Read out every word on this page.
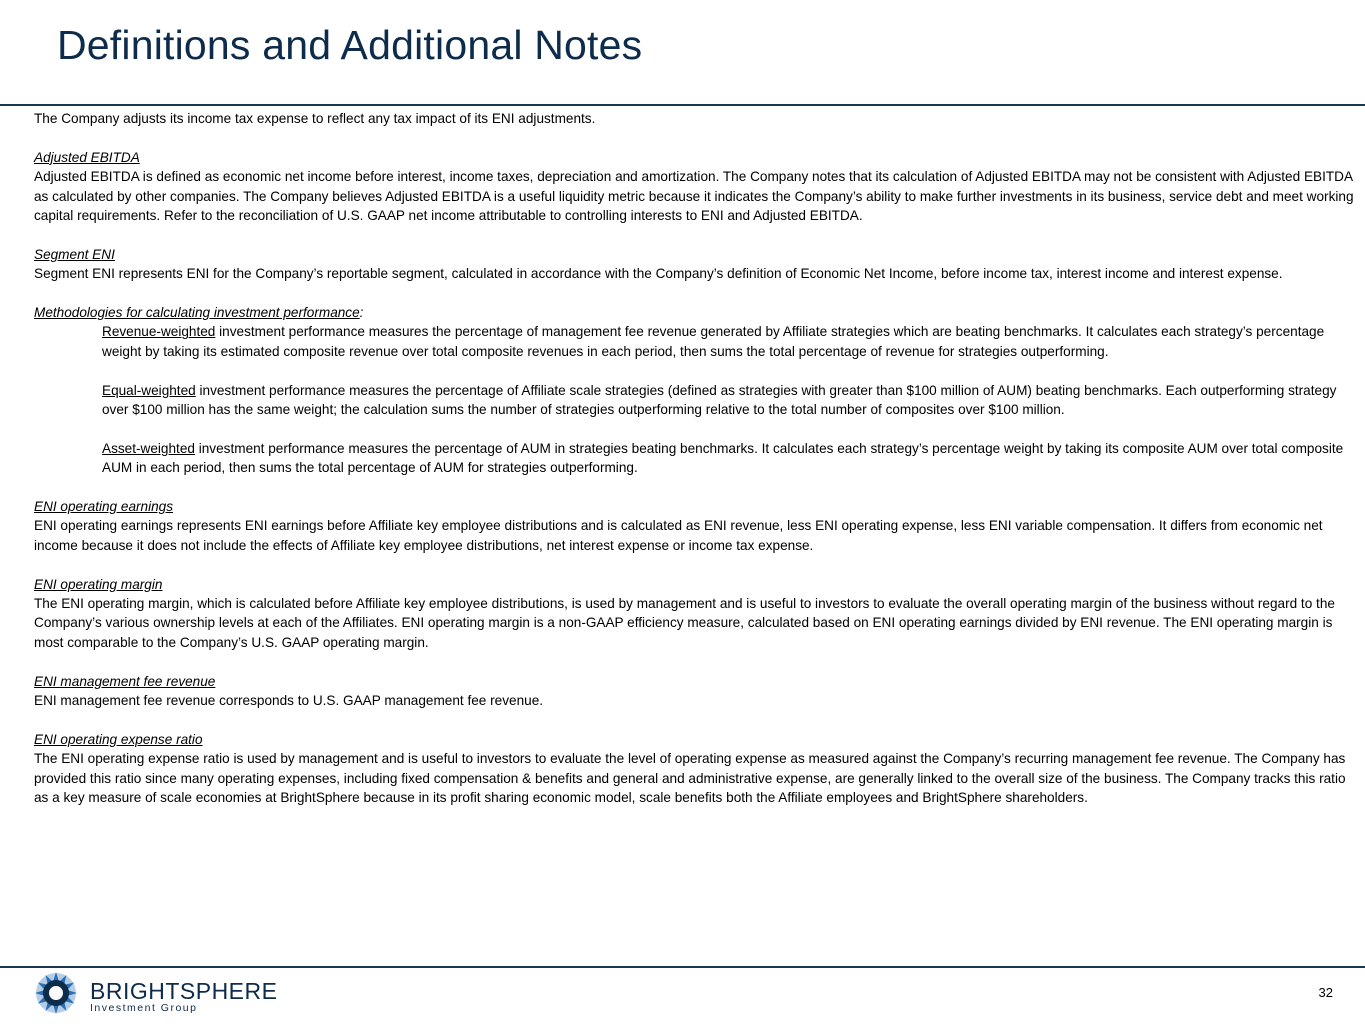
Definitions and Additional Notes

The Company adjusts its income tax expense to reflect any tax impact of its ENI adjustments.

Adjusted EBITDA

Adjusted EBITDA is defined as economic net income before interest, income taxes, depreciation and amortization. The Company notes that its calculation of Adjusted EBITDA may not be consistent with Adjusted EBITDA as calculated by other companies. The Company believes Adjusted EBITDA is a useful liquidity metric because it indicates the Company’s ability to make further investments in its business, service debt and meet working capital requirements. Refer to the reconciliation of U.S. GAAP net income attributable to controlling interests to ENI and Adjusted EBITDA.

Segment ENI

Segment ENI represents ENI for the Company’s reportable segment, calculated in accordance with the Company’s definition of Economic Net Income, before income tax, interest income and interest expense.

Methodologies for calculating investment performance:

Revenue-weighted investment performance measures the percentage of management fee revenue generated by Affiliate strategies which are beating benchmarks. It calculates each strategy’s percentage weight by taking its estimated composite revenue over total composite revenues in each period, then sums the total percentage of revenue for strategies outperforming.

Equal-weighted investment performance measures the percentage of Affiliate scale strategies (defined as strategies with greater than $100 million of AUM) beating benchmarks. Each outperforming strategy over $100 million has the same weight; the calculation sums the number of strategies outperforming relative to the total number of composites over $100 million.

Asset-weighted investment performance measures the percentage of AUM in strategies beating benchmarks. It calculates each strategy’s percentage weight by taking its composite AUM over total composite AUM in each period, then sums the total percentage of AUM for strategies outperforming.

ENI operating earnings

ENI operating earnings represents ENI earnings before Affiliate key employee distributions and is calculated as ENI revenue, less ENI operating expense, less ENI variable compensation. It differs from economic net income because it does not include the effects of Affiliate key employee distributions, net interest expense or income tax expense.

ENI operating margin

The ENI operating margin, which is calculated before Affiliate key employee distributions, is used by management and is useful to investors to evaluate the overall operating margin of the business without regard to the Company’s various ownership levels at each of the Affiliates. ENI operating margin is a non-GAAP efficiency measure, calculated based on ENI operating earnings divided by ENI revenue. The ENI operating margin is most comparable to the Company’s U.S. GAAP operating margin.

ENI management fee revenue

ENI management fee revenue corresponds to U.S. GAAP management fee revenue.

ENI operating expense ratio

The ENI operating expense ratio is used by management and is useful to investors to evaluate the level of operating expense as measured against the Company’s recurring management fee revenue. The Company has provided this ratio since many operating expenses, including fixed compensation & benefits and general and administrative expense, are generally linked to the overall size of the business. The Company tracks this ratio as a key measure of scale economies at BrightSphere because in its profit sharing economic model, scale benefits both the Affiliate employees and BrightSphere shareholders.

BRIGHTSPHERE
Investment Group
32
